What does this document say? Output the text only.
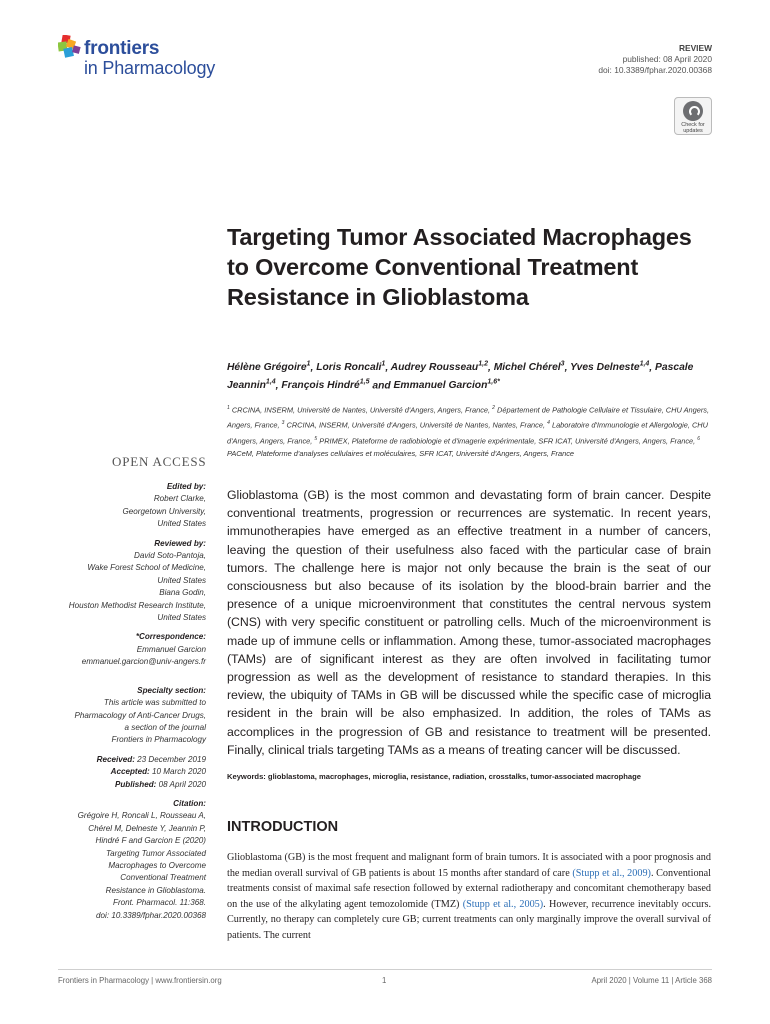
frontiers
in Pharmacology
REVIEW
published: 08 April 2020
doi: 10.3389/fphar.2020.00368
Check for
updates
Targeting Tumor Associated Macrophages to Overcome Conventional Treatment Resistance in Glioblastoma
Hélène Grégoire$^1$, Loris Roncali$^1$, Audrey Rousseau$^{1,2}$, Michel Chérel$^3$, Yves Delneste$^{1,4}$, Pascale Jeannin$^{1,4}$, François Hindré$^{1,5}$ and Emmanuel Garcion$^{1,6*}$
$^1$ CRCINA, INSERM, Université de Nantes, Université d'Angers, Angers, France, $^2$ Département de Pathologie Cellulaire et Tissulaire, CHU Angers, Angers, France, $^3$ CRCINA, INSERM, Université d'Angers, Université de Nantes, Nantes, France, $^4$ Laboratoire d'Immunologie et Allergologie, CHU d'Angers, Angers, France, $^5$ PRIMEX, Plateforme de radiobiologie et d'imagerie expérimentale, SFR ICAT, Université d'Angers, Angers, France, $^6$ PACeM, Plateforme d'analyses cellulaires et moléculaires, SFR ICAT, Université d'Angers, Angers, France
OPEN ACCESS
Edited by:
Robert Clarke,
Georgetown University,
United States
Reviewed by:
David Soto-Pantoja,
Wake Forest School of Medicine,
United States
Biana Godin,
Houston Methodist Research Institute,
United States
*Correspondence:
Emmanuel Garcion
emmanuel.garcion@univ-angers.fr
Specialty section:
This article was submitted to
Pharmacology of Anti-Cancer Drugs,
a section of the journal
Frontiers in Pharmacology
Received: 23 December 2019
Accepted: 10 March 2020
Published: 08 April 2020
Citation:
Grégoire H, Roncali L, Rousseau A,
Chérel M, Delneste Y, Jeannin P,
Hindré F and Garcion E (2020)
Targeting Tumor Associated
Macrophages to Overcome
Conventional Treatment
Resistance in Glioblastoma.
Front. Pharmacol. 11:368.
doi: 10.3389/fphar.2020.00368
Glioblastoma (GB) is the most common and devastating form of brain cancer. Despite conventional treatments, progression or recurrences are systematic. In recent years, immunotherapies have emerged as an effective treatment in a number of cancers, leaving the question of their usefulness also faced with the particular case of brain tumors. The challenge here is major not only because the brain is the seat of our consciousness but also because of its isolation by the blood-brain barrier and the presence of a unique microenvironment that constitutes the central nervous system (CNS) with very specific constituent or patrolling cells. Much of the microenvironment is made up of immune cells or inflammation. Among these, tumor-associated macrophages (TAMs) are of significant interest as they are often involved in facilitating tumor progression as well as the development of resistance to standard therapies. In this review, the ubiquity of TAMs in GB will be discussed while the specific case of microglia resident in the brain will be also emphasized. In addition, the roles of TAMs as accomplices in the progression of GB and resistance to treatment will be presented. Finally, clinical trials targeting TAMs as a means of treating cancer will be discussed.
Keywords: glioblastoma, macrophages, microglia, resistance, radiation, crosstalks, tumor-associated macrophage
INTRODUCTION
Glioblastoma (GB) is the most frequent and malignant form of brain tumors. It is associated with a poor prognosis and the median overall survival of GB patients is about 15 months after standard of care (Stupp et al., 2009). Conventional treatments consist of maximal safe resection followed by external radiotherapy and concomitant chemotherapy based on the use of the alkylating agent temozolomide (TMZ) (Stupp et al., 2005). However, recurrence inevitably occurs. Currently, no therapy can completely cure GB; current treatments can only marginally improve the overall survival of patients. The current
Frontiers in Pharmacology | www.frontiersin.org	1	April 2020 | Volume 11 | Article 368
